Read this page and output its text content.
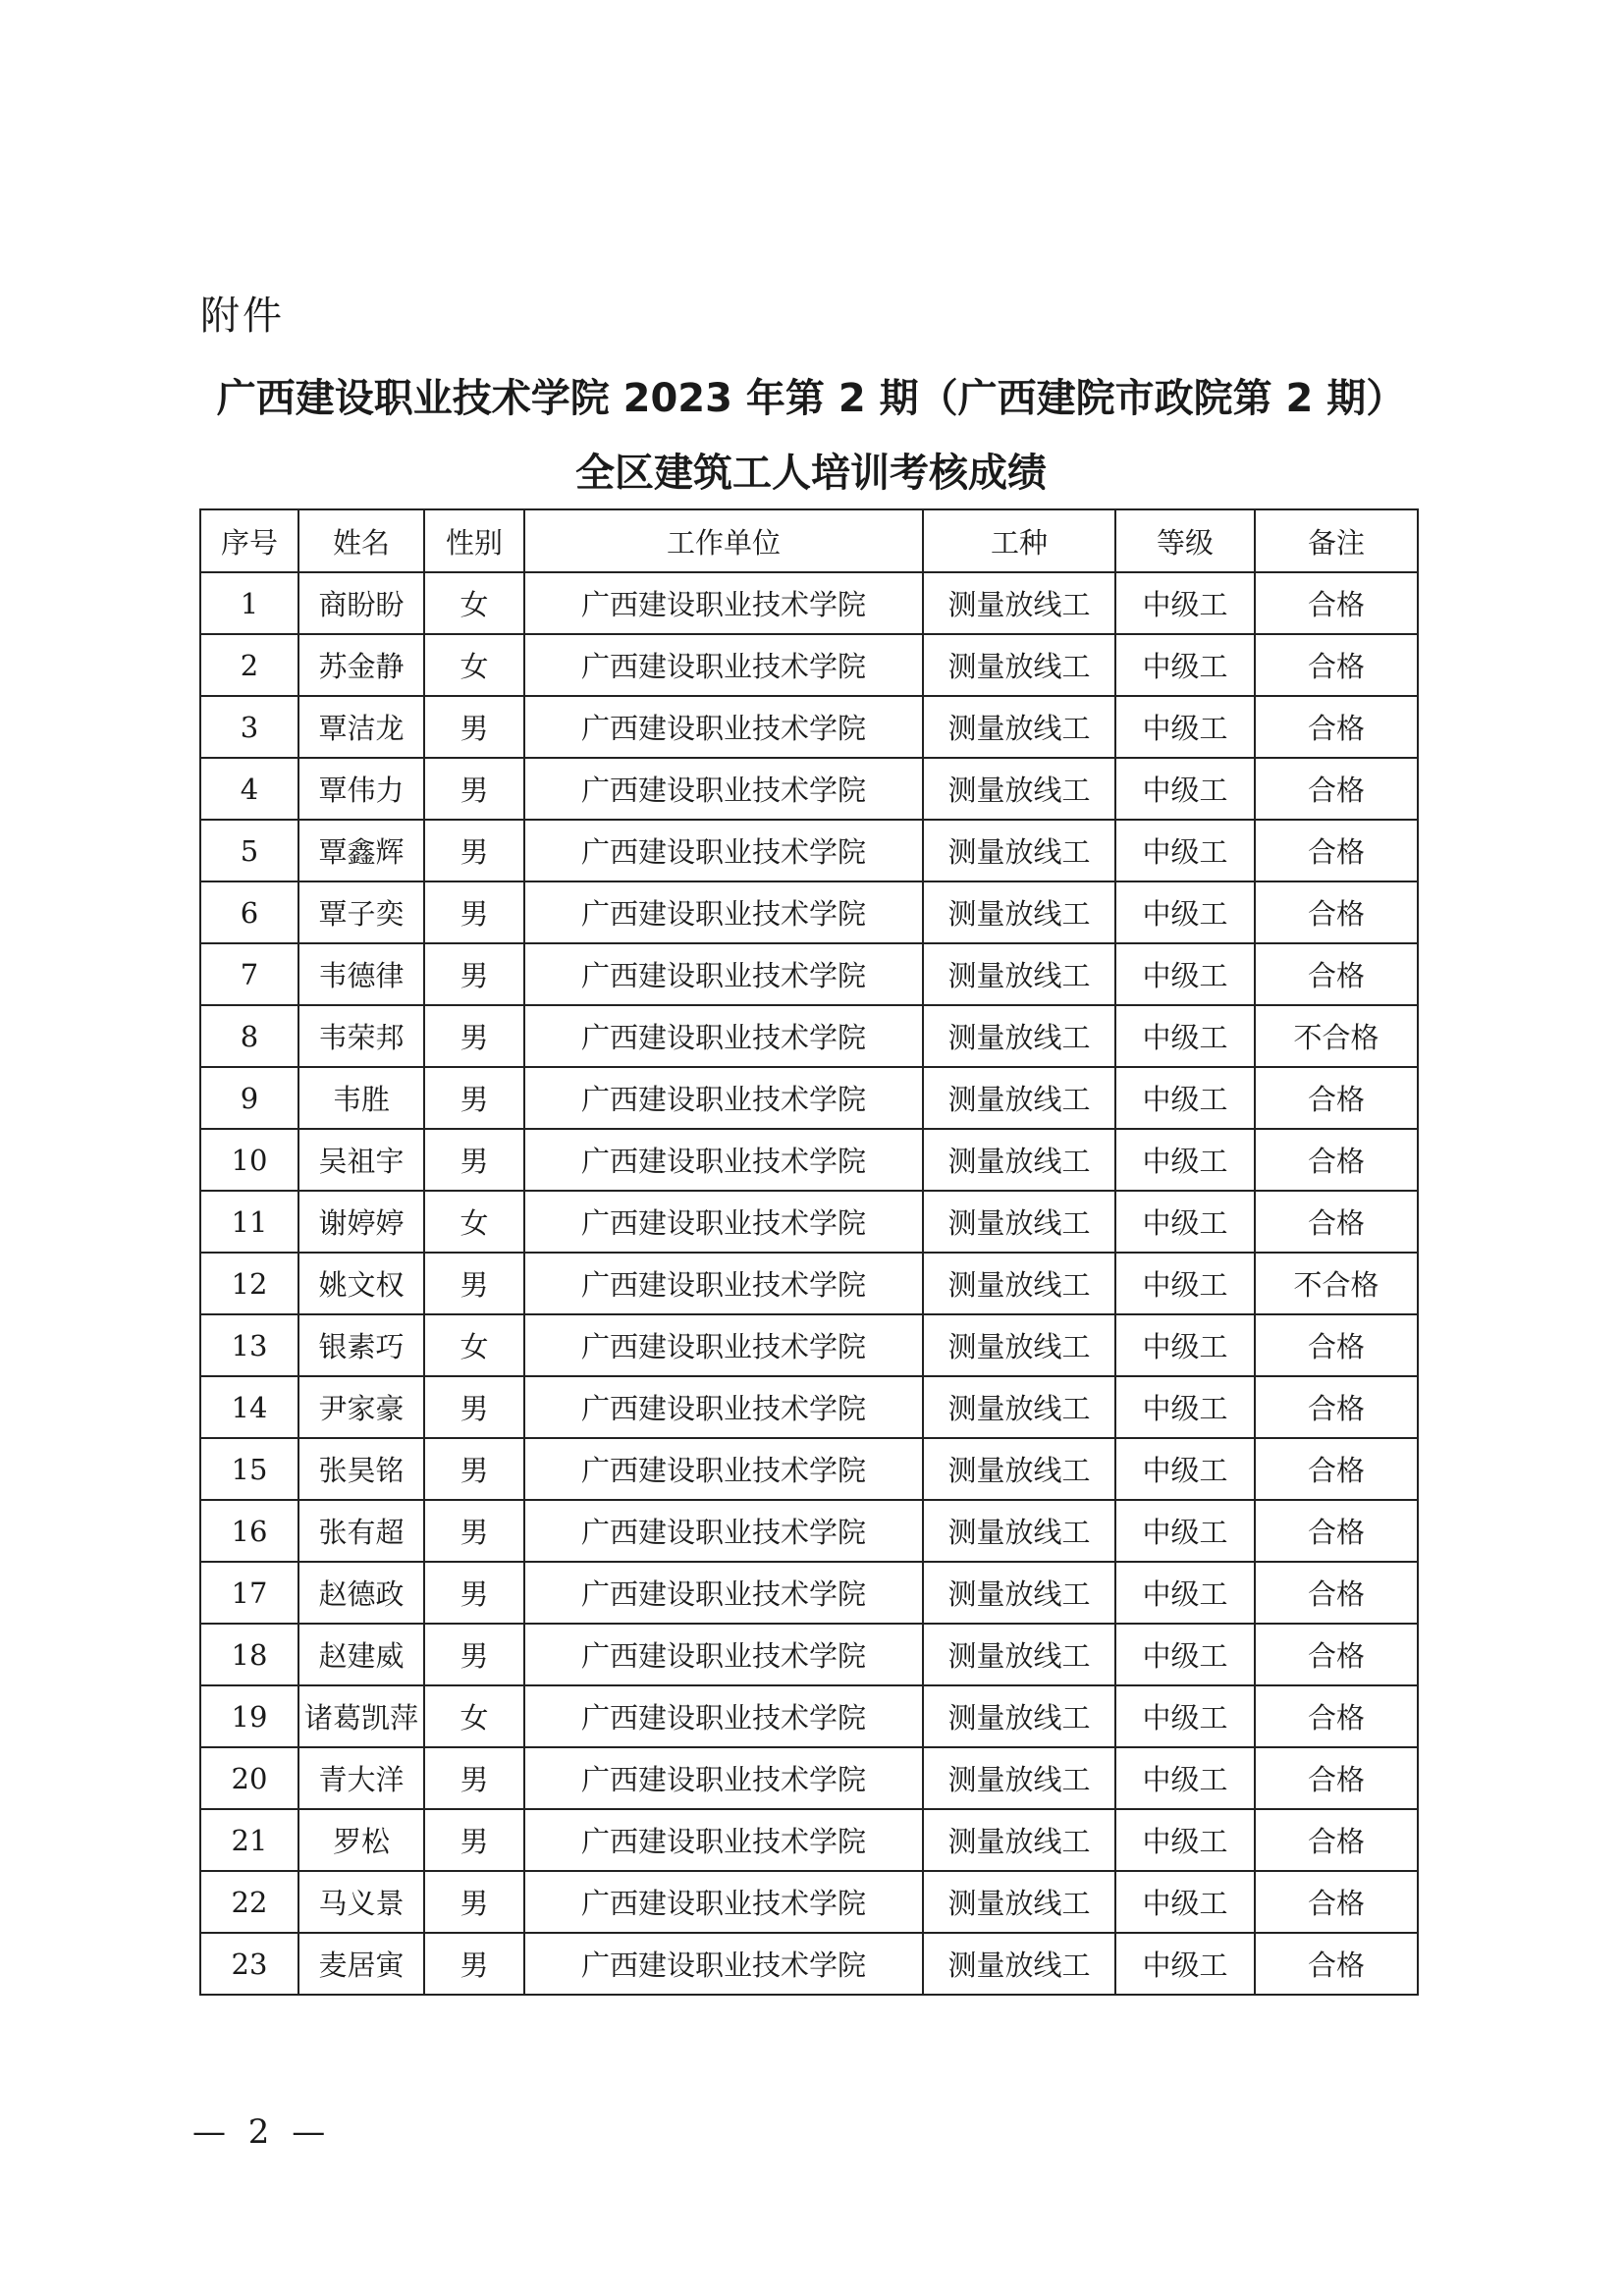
附件
广西建设职业技术学院 2023 年第 2 期（广西建院市政院第 2 期）
全区建筑工人培训考核成绩
序号	姓名	性别	工作单位	工种	等级	备注
1	商盼盼	女	广西建设职业技术学院	测量放线工	中级工	合格
2	苏金静	女	广西建设职业技术学院	测量放线工	中级工	合格
3	覃洁龙	男	广西建设职业技术学院	测量放线工	中级工	合格
4	覃伟力	男	广西建设职业技术学院	测量放线工	中级工	合格
5	覃鑫辉	男	广西建设职业技术学院	测量放线工	中级工	合格
6	覃子奕	男	广西建设职业技术学院	测量放线工	中级工	合格
7	韦德律	男	广西建设职业技术学院	测量放线工	中级工	合格
8	韦荣邦	男	广西建设职业技术学院	测量放线工	中级工	不合格
9	韦胜	男	广西建设职业技术学院	测量放线工	中级工	合格
10	吴祖宇	男	广西建设职业技术学院	测量放线工	中级工	合格
11	谢婷婷	女	广西建设职业技术学院	测量放线工	中级工	合格
12	姚文权	男	广西建设职业技术学院	测量放线工	中级工	不合格
13	银素巧	女	广西建设职业技术学院	测量放线工	中级工	合格
14	尹家豪	男	广西建设职业技术学院	测量放线工	中级工	合格
15	张昊铭	男	广西建设职业技术学院	测量放线工	中级工	合格
16	张有超	男	广西建设职业技术学院	测量放线工	中级工	合格
17	赵德政	男	广西建设职业技术学院	测量放线工	中级工	合格
18	赵建威	男	广西建设职业技术学院	测量放线工	中级工	合格
19	诸葛凯萍	女	广西建设职业技术学院	测量放线工	中级工	合格
20	青大洋	男	广西建设职业技术学院	测量放线工	中级工	合格
21	罗松	男	广西建设职业技术学院	测量放线工	中级工	合格
22	马义景	男	广西建设职业技术学院	测量放线工	中级工	合格
23	麦居寅	男	广西建设职业技术学院	测量放线工	中级工	合格
— 2 —
